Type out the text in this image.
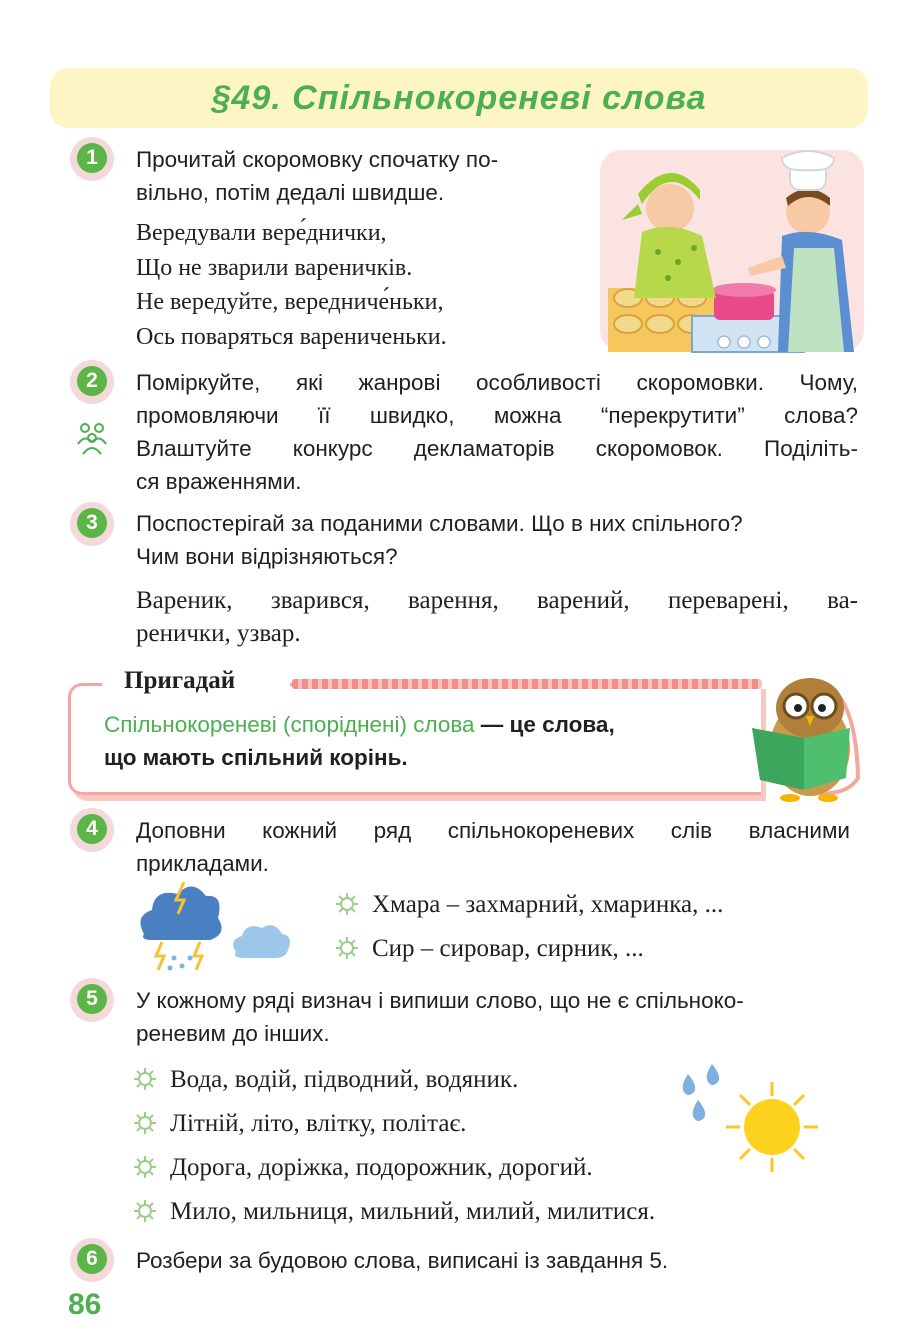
§49. Спільнокореневі слова
1	Прочитай скоромовку спочатку по-
вільно, потім дедалі швидше.
Вередували вере́днички,
Що не зварили вареничків.
Не вередуйте, вередниче́ньки,
Ось поваряться варениченьки.
2	Поміркуйте, які жанрові особливості скоромовки. Чому,
промовляючи її швидко, можна “перекрутити” слова?
Влаштуйте конкурс декламаторів скоромовок. Поділіть-
ся враженнями.
3	Поспостерігай за поданими словами. Що в них спільного?
Чим вони відрізняються?
Вареник, зварився, варення, варений, переварені, ва-
ренички, узвар.
Пригадай
Спільнокореневі (споріднені) слова — це слова,
що мають спільний корінь.
4	Доповни кожний ряд спільнокореневих слів власними
прикладами.
Хмара – захмарний, хмаринка, ...
Сир – сировар, сирник, ...
5	У кожному ряді визнач і випиши слово, що не є спільноко-
реневим до інших.
Вода, водій, підводний, водяник.
Літній, літо, влітку, політає.
Дорога, доріжка, подорожник, дорогий.
Мило, мильниця, мильний, милий, милитися.
6	Розбери за будовою слова, виписані із завдання 5.
86
